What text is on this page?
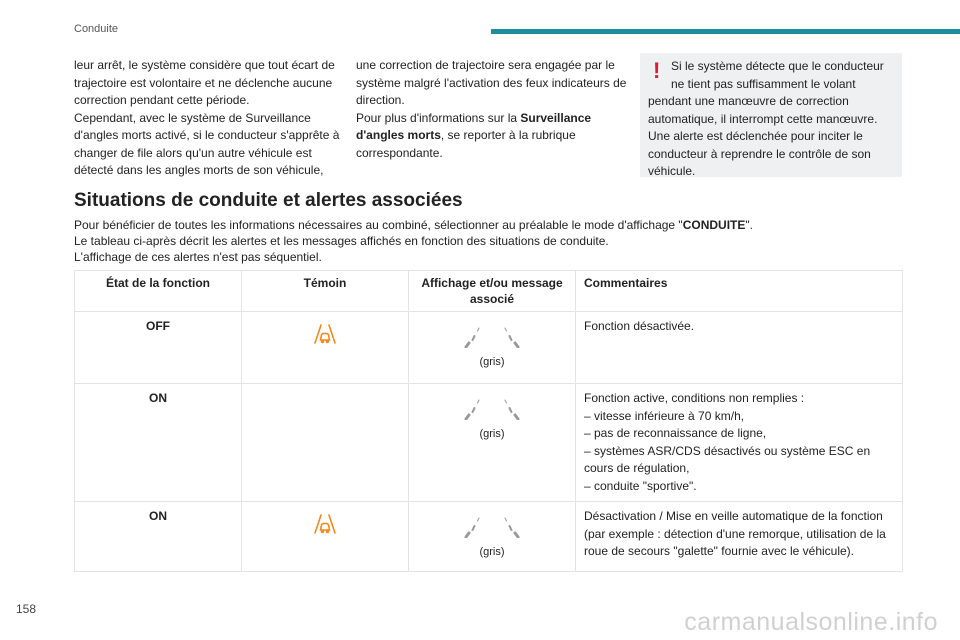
Conduite
leur arrêt, le système considère que tout écart de trajectoire est volontaire et ne déclenche aucune correction pendant cette période.
Cependant, avec le système de Surveillance d'angles morts activé, si le conducteur s'apprête à changer de file alors qu'un autre véhicule est détecté dans les angles morts de son véhicule,
une correction de trajectoire sera engagée par le système malgré l'activation des feux indicateurs de direction.
Pour plus d'informations sur la Surveillance d'angles morts, se reporter à la rubrique correspondante.
! Si le système détecte que le conducteur ne tient pas suffisamment le volant
pendant une manœuvre de correction automatique, il interrompt cette manœuvre. Une alerte est déclenchée pour inciter le conducteur à reprendre le contrôle de son véhicule.
Situations de conduite et alertes associées
Pour bénéficier de toutes les informations nécessaires au combiné, sélectionner au préalable le mode d'affichage "CONDUITE".
Le tableau ci-après décrit les alertes et les messages affichés en fonction des situations de conduite.
L'affichage de ces alertes n'est pas séquentiel.
État de la fonction	Témoin	Affichage et/ou message associé	Commentaires
OFF		(gris)	Fonction désactivée.

ON		(gris)	Fonction active, conditions non remplies :
– vitesse inférieure à 70 km/h,
– pas de reconnaissance de ligne,
– systèmes ASR/CDS désactivés ou système ESC en cours de régulation,
– conduite "sportive".

ON		(gris)	Désactivation / Mise en veille automatique de la fonction (par exemple : détection d'une remorque, utilisation de la roue de secours "galette" fournie avec le véhicule).
158	carmanualsonline.info
